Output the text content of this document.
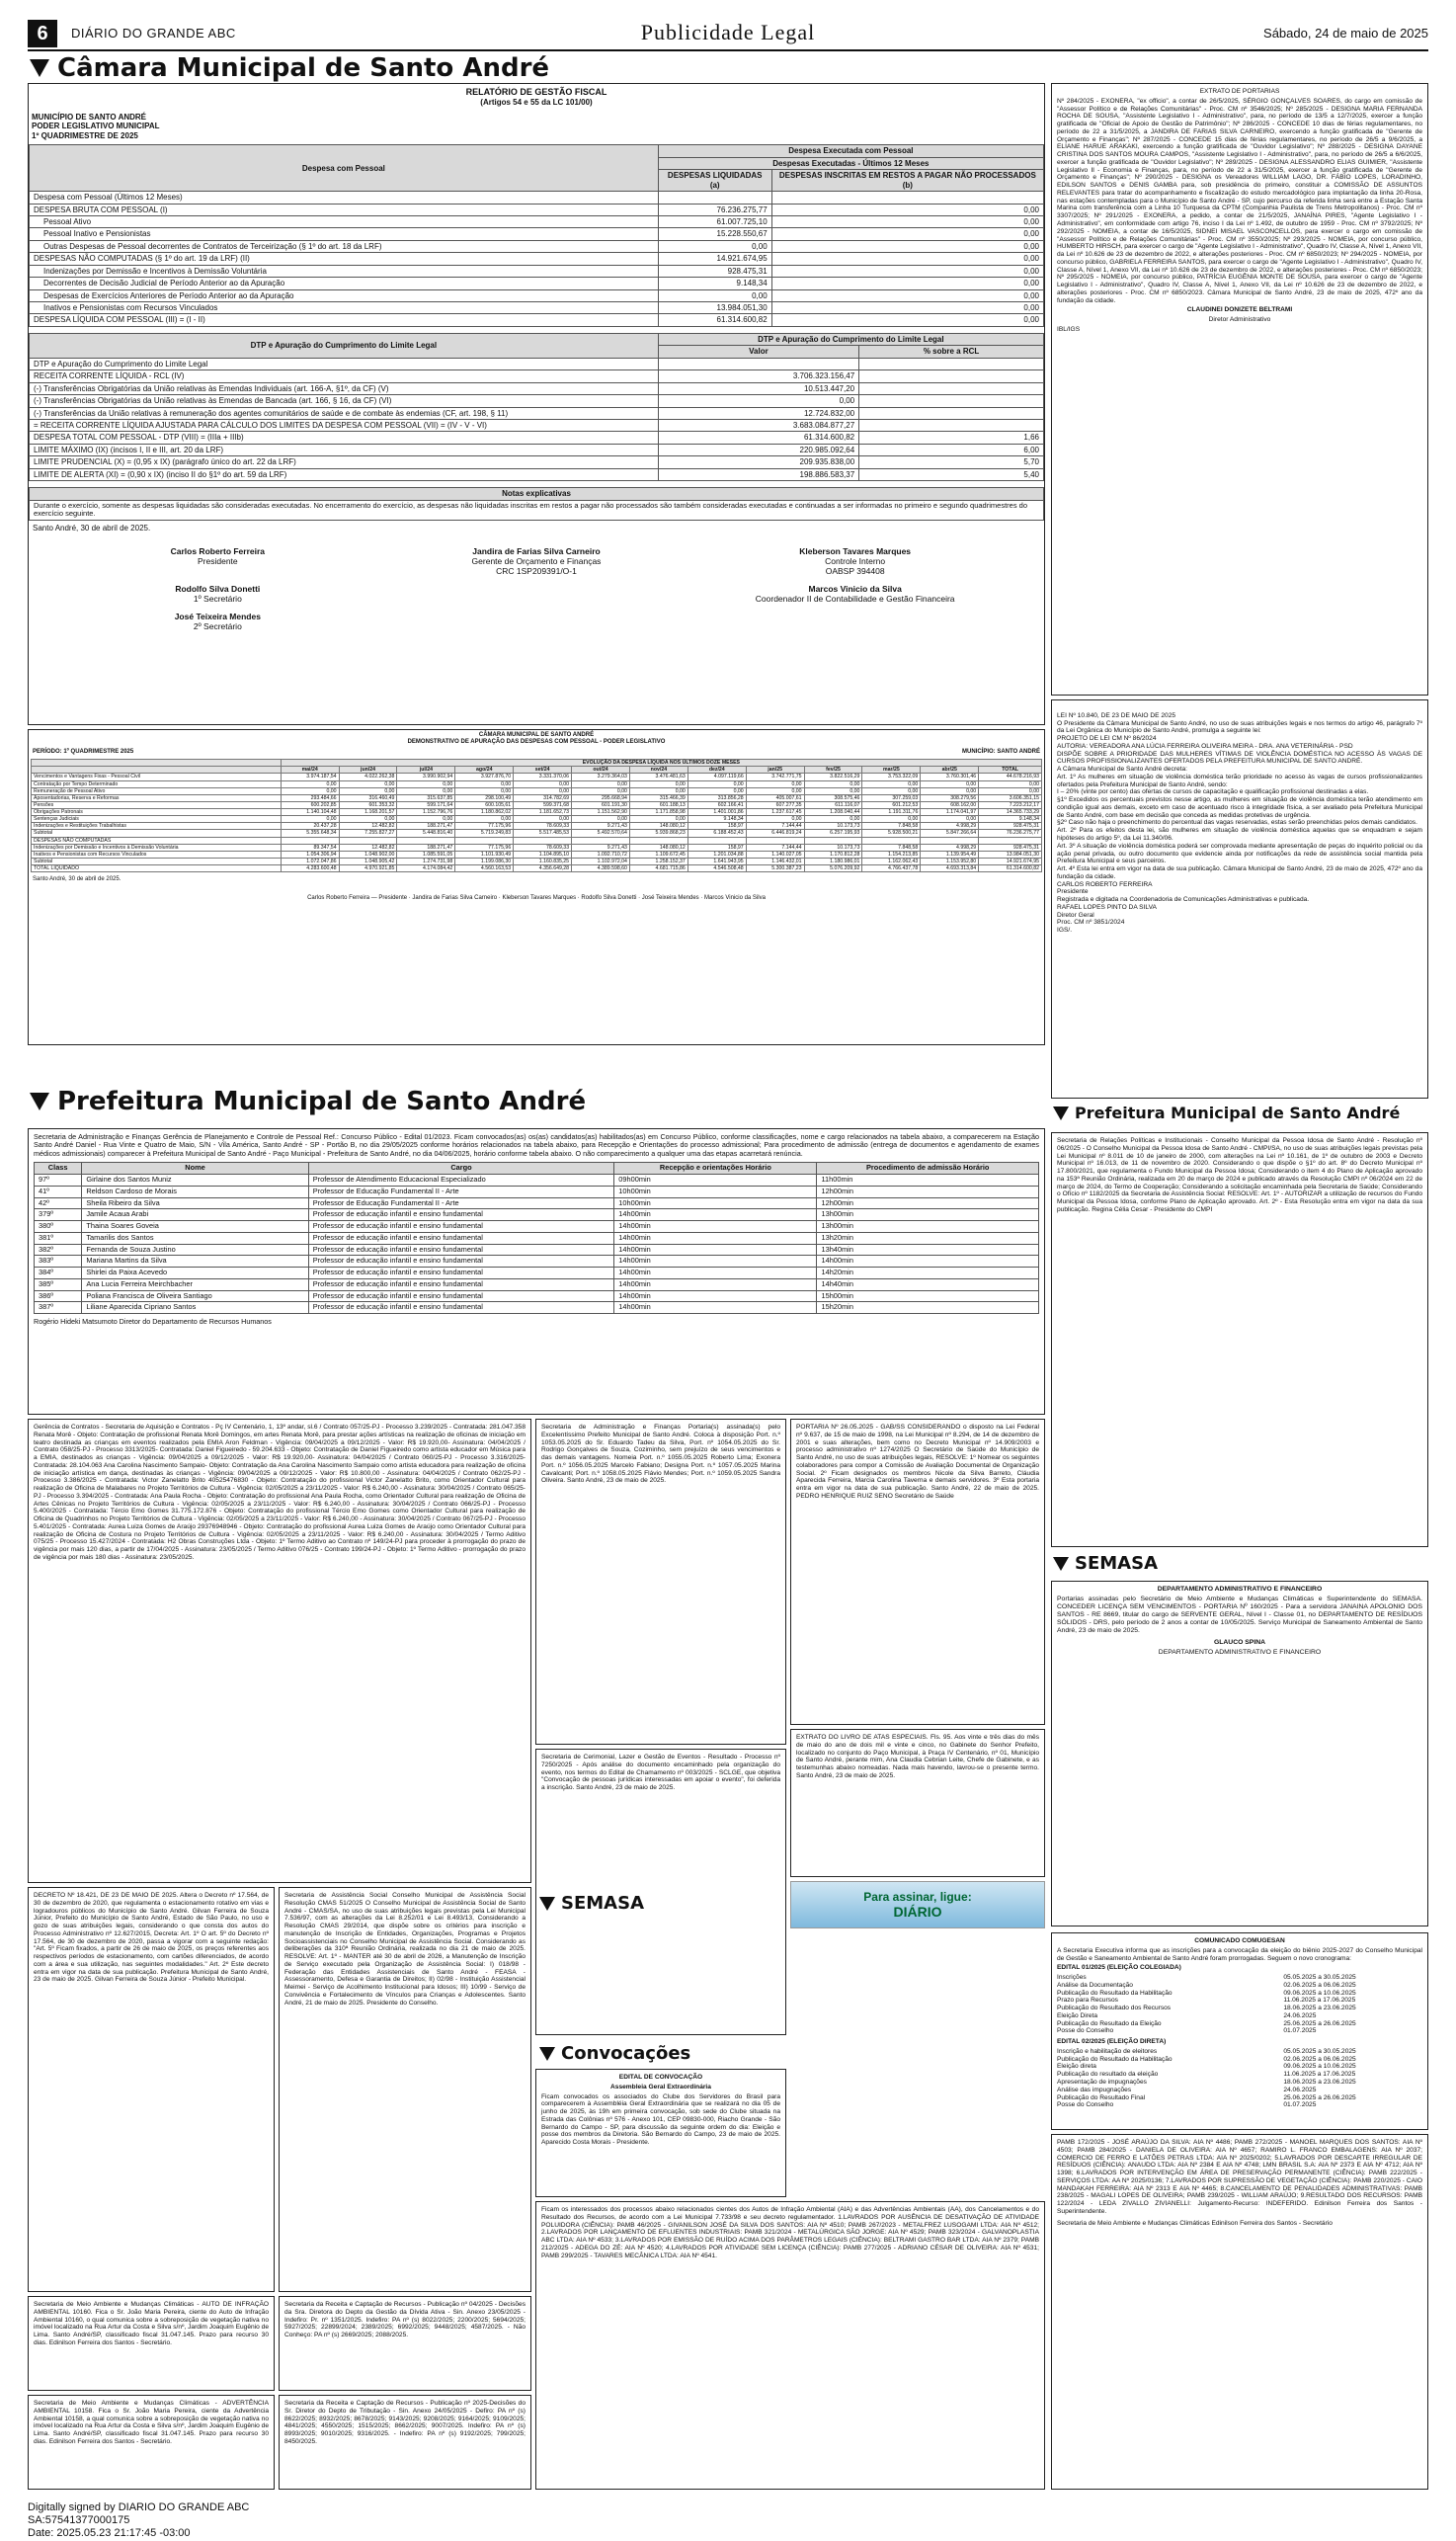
6	DIÁRIO DO GRANDE ABC	Publicidade Legal	Sábado, 24 de maio de 2025
Câmara Municipal de Santo André
RELATÓRIO DE GESTÃO FISCAL
(Artigos 54 e 55 da LC 101/00)
MUNICÍPIO DE SANTO ANDRÉ
PODER LEGISLATIVO MUNICIPAL
1º QUADRIMESTRE DE 2025
Despesa com Pessoal	Despesa Executada com Pessoal	
	Despesas Executadas - Últimos 12 Meses	
	DESPESAS LIQUIDADAS (a)	DESPESAS INSCRITAS EM RESTOS A PAGAR NÃO PROCESSADOS (b)
Despesa com Pessoal (Últimos 12 Meses)		
DESPESA BRUTA COM PESSOAL (I)	76.236.275,77	0,00
Pessoal Ativo	61.007.725,10	0,00
Pessoal Inativo e Pensionistas	15.228.550,67	0,00
Outras Despesas de Pessoal decorrentes de Contratos de Terceirização (§ 1º do art. 18 da LRF)	0,00	0,00
DESPESAS NÃO COMPUTADAS (§ 1º do art. 19 da LRF) (II)	14.921.674,95	0,00
Indenizações por Demissão e Incentivos à Demissão Voluntária	928.475,31	0,00
Decorrentes de Decisão Judicial de Período Anterior ao da Apuração	9.148,34	0,00
Despesas de Exercícios Anteriores de Período Anterior ao da Apuração	0,00	0,00
Inativos e Pensionistas com Recursos Vinculados	13.984.051,30	0,00
DESPESA LÍQUIDA COM PESSOAL (III) = (I - II)	61.314.600,82	0,00
DTP e Apuração do Cumprimento do Limite Legal	DTP e Apuração do Cumprimento do Limite Legal	
	Valor	% sobre a RCL
DTP e Apuração do Cumprimento do Limite Legal		
RECEITA CORRENTE LÍQUIDA - RCL (IV)	3.706.323.156,47	
(-) Transferências Obrigatórias da União relativas às Emendas Individuais (art. 166-A, §1º, da CF) (V)	10.513.447,20	
(-) Transferências Obrigatórias da União relativas às Emendas de Bancada (art. 166, § 16, da CF) (VI)	0,00	
(-) Transferências da União relativas à remuneração dos agentes comunitários de saúde e de combate às endemias (CF, art. 198, § 11)	12.724.832,00	
= RECEITA CORRENTE LÍQUIDA AJUSTADA PARA CÁLCULO DOS LIMITES DA DESPESA COM PESSOAL (VII) = (IV - V - VI)	3.683.084.877,27	
DESPESA TOTAL COM PESSOAL - DTP (VIII) = (IIIa + IIIb)	61.314.600,82	1,66
LIMITE MÁXIMO (IX) (incisos I, II e III, art. 20 da LRF)	220.985.092,64	6,00
LIMITE PRUDENCIAL (X) = (0,95 x IX) (parágrafo único do art. 22 da LRF)	209.935.838,00	5,70
LIMITE DE ALERTA (XI) = (0,90 x IX) (inciso II do §1º do art. 59 da LRF)	198.886.583,37	5,40
Notas explicativas
Durante o exercício, somente as despesas liquidadas são consideradas executadas. No encerramento do exercício, as despesas não liquidadas inscritas em restos a pagar não processados são também consideradas executadas e continuadas a ser informadas no primeiro e segundo quadrimestres do exercício seguinte.
Santo André, 30 de abril de 2025.
Carlos Roberto Ferreira
Presidente
Jandira de Farias Silva Carneiro
Gerente de Orçamento e Finanças
CRC 1SP209391/O-1
Kleberson Tavares Marques
Controle Interno
OABSP 394408
Rodolfo Silva Donetti
1º Secretário
Marcos Vinicio da Silva
Coordenador II de Contabilidade e Gestão Financeira
José Teixeira Mendes
2º Secretário
CÂMARA MUNICIPAL DE SANTO ANDRÉ
DEMONSTRATIVO DE APURAÇÃO DAS DESPESAS COM PESSOAL - PODER LEGISLATIVO
PERÍODO: 1º QUADRIMESTRE 2025	MUNICÍPIO: SANTO ANDRÉ
	EVOLUÇÃO DA DESPESA LÍQUIDA NOS ÚLTIMOS DOZE MESES												
	mai/24	jun/24	jul/24	ago/24	set/24	out/24	nov/24	dez/24	jan/25	fev/25	mar/25	abr/25	TOTAL
Vencimentos e Vantagens Fixas - Pessoal Civil	3.974.187,54	4.022.262,38	3.990.902,94	3.927.876,70	3.331.370,06	3.279.364,03	3.476.481,63	4.097.119,66	3.742.771,75	3.822.516,29	3.753.322,09	3.760.301,46	44.678.216,93
Contratação por Tempo Determinado	0,00	0,00	0,00	0,00	0,00	0,00	0,00	0,00	0,00	0,00	0,00	0,00	0,00
Remuneração de Pessoal Ativo	0,00	0,00	0,00	0,00	0,00	0,00	0,00	0,00	0,00	0,00	0,00	0,00	0,00
Aposentadorias, Reserva e Reformas	293.484,66	316.460,49	315.637,85	298.100,49	314.782,69	295.668,94	315.466,39	313.856,28	405.007,61	308.575,46	307.259,03	308.279,56	3.606.351,15
Pensões	600.202,85	601.353,32	599.171,64	600.105,61	599.371,68	601.191,30	601.188,13	602.166,41	607.277,35	611.116,07	601.212,53	608.162,00	7.223.212,17
Obrigações Patronais	1.140.104,48	1.168.201,57	1.152.796,76	1.180.862,02	1.181.652,73	1.151.562,90	1.171.858,98	1.401.001,86	1.237.617,45	1.208.040,44	1.191.311,76	1.174.041,97	14.365.733,29
Sentenças Judiciais	0,00	0,00	0,00	0,00	0,00	0,00	0,00	9.148,34	0,00	0,00	0,00	0,00	9.148,34
Indenizações e Restituições Trabalhistas	20.437,28	12.482,82	188.271,47	77.175,96	78.609,33	9.271,43	148.080,12	158,97	7.144,44	10.173,73	7.848,58	4.998,29	928.475,31
Subtotal	5.355.648,34	7.255.827,27	5.448.816,40	5.719.249,83	5.517.485,53	5.492.570,64	5.939.868,23	6.188.452,43	6.446.819,24	6.257.195,93	5.928.500,21	5.847.266,64	76.236.275,77
DESPESAS NÃO COMPUTADAS													
Indenizações por Demissão e Incentivos à Demissão Voluntária	89.347,54	12.482,82	188.271,47	77.175,96	78.609,33	9.271,43	148.080,12	158,97	7.144,44	10.173,73	7.848,58	4.998,29	928.475,31
Inativos e Pensionistas com Recursos Vinculados	1.054.306,94	1.048.902,00	1.085.591,05	1.101.930,49	1.104.895,10	1.092.710,72	1.109.672,45	1.201.034,88	1.140.027,05	1.170.812,28	1.154.213,85	1.139.954,49	13.984.051,30
Subtotal	1.072.047,86	1.048.905,42	1.274.731,98	1.199.086,30	1.160.835,25	1.102.972,04	1.258.152,37	1.641.943,95	1.146.432,01	1.180.986,01	1.162.062,43	1.153.952,80	14.921.674,95
TOTAL LIQUIDADO	4.283.600,48	4.970.921,85	4.174.084,42	4.560.163,53	4.356.649,28	4.389.598,60	4.681.715,86	4.546.508,48	5.300.387,23	5.076.209,92	4.766.437,78	4.693.313,84	61.314.600,82
Santo André, 30 de abril de 2025.
Carlos Roberto Ferreira — Presidente · Jandira de Farias Silva Carneiro · Kleberson Tavares Marques · Rodolfo Silva Donetti · José Teixeira Mendes · Marcos Vinicio da Silva

EXTRATO DE PORTARIAS

Nº 284/2025 - EXONERA, "ex officio", a contar de 26/5/2025, SÉRGIO GONÇALVES SOARES, do cargo em comissão de "Assessor Político e de Relações Comunitárias" - Proc. CM nº 3546/2025; Nº 285/2025 - DESIGNA MARIA FERNANDA ROCHA DE SOUSA, "Assistente Legislativo I - Administrativo", para, no período de 13/5 a 12/7/2025, exercer a função gratificada de "Oficial de Apoio de Gestão de Patrimônio"; Nº 286/2025 - CONCEDE 10 dias de férias regulamentares, no período de 22 a 31/5/2025, a JANDIRA DE FARIAS SILVA CARNEIRO, exercendo a função gratificada de "Gerente de Orçamento e Finanças"; Nº 287/2025 - CONCEDE 15 dias de férias regulamentares, no período de 26/5 a 9/6/2025, a ELIANE HARUE ARAKAKI, exercendo a função gratificada de "Ouvidor Legislativo"; Nº 288/2025 - DESIGNA DAYANE CRISTINA DOS SANTOS MOURA CAMPOS, "Assistente Legislativo I - Administrativo", para, no período de 26/5 a 6/6/2025, exercer a função gratificada de "Ouvidor Legislativo"; Nº 289/2025 - DESIGNA ALESSANDRO ELIAS GUIMIER, "Assistente Legislativo II - Economia e Finanças, para, no período de 22 a 31/5/2025, exercer a função gratificada de "Gerente de Orçamento e Finanças"; Nº 290/2025 - DESIGNA os Vereadores WILLIAM LAGO, DR. FÁBIO LOPES, LORADINHO, EDILSON SANTOS e DENIS GAMBA para, sob presidência do primeiro, constituir a COMISSÃO DE ASSUNTOS RELEVANTES para tratar do acompanhamento e fiscalização do estudo mercadológico para implantação da linha 20-Rosa, nas estações contempladas para o Município de Santo André - SP, cujo percurso da referida linha será entre a Estação Santa Marina com transferência com a Linha 10 Turquesa da CPTM (Companhia Paulista de Trens Metropolitanos) - Proc. CM nº 3307/2025; Nº 291/2025 - EXONERA, a pedido, a contar de 21/5/2025, JANAÍNA PIRES, "Agente Legislativo I - Administrativo", em conformidade com artigo 76, inciso I da Lei nº 1.492, de outubro de 1959 - Proc. CM nº 3792/2025; Nº 292/2025 - NOMEIA, a contar de 16/5/2025, SIDNEI MISAEL VASCONCELLOS, para exercer o cargo em comissão de "Assessor Político e de Relações Comunitárias" - Proc. CM nº 3550/2025; Nº 293/2025 - NOMEIA, por concurso público, HUMBERTO HIRSCH, para exercer o cargo de "Agente Legislativo I - Administrativo", Quadro IV, Classe A, Nível 1, Anexo VII, da Lei nº 10.626 de 23 de dezembro de 2022, e alterações posteriores - Proc. CM nº 6850/2023; Nº 294/2025 - NOMEIA, por concurso público, GABRIELA FERREIRA SANTOS, para exercer o cargo de "Agente Legislativo I - Administrativo", Quadro IV, Classe A, Nível 1, Anexo VII, da Lei nº 10.626 de 23 de dezembro de 2022, e alterações posteriores - Proc. CM nº 6850/2023; Nº 295/2025 - NOMEIA, por concurso público, PATRÍCIA EUGÊNIA MONTE DE SOUSA, para exercer o cargo de "Agente Legislativo I - Administrativo", Quadro IV, Classe A, Nível 1, Anexo VII, da Lei nº 10.626 de 23 de dezembro de 2022, e alterações posteriores - Proc. CM nº 6850/2023. Câmara Municipal de Santo André, 23 de maio de 2025, 472º ano da fundação da cidade.

CLAUDINEI DONIZETE BELTRAMI

Diretor Administrativo

IBL/IGS

LEI Nº 10.840, DE 23 DE MAIO DE 2025
O Presidente da Câmara Municipal de Santo André, no uso de suas atribuições legais e nos termos do artigo 46, parágrafo 7º da Lei Orgânica do Município de Santo André, promulga a seguinte lei:
PROJETO DE LEI CM Nº 86/2024
AUTORIA: VEREADORA ANA LÚCIA FERREIRA OLIVEIRA MEIRA - DRA. ANA VETERINÁRIA - PSD
DISPÕE SOBRE A PRIORIDADE DAS MULHERES VÍTIMAS DE VIOLÊNCIA DOMÉSTICA NO ACESSO ÀS VAGAS DE CURSOS PROFISSIONALIZANTES OFERTADOS PELA PREFEITURA MUNICIPAL DE SANTO ANDRÉ.
A Câmara Municipal de Santo André decreta:
Art. 1º As mulheres em situação de violência doméstica terão prioridade no acesso às vagas de cursos profissionalizantes ofertados pela Prefeitura Municipal de Santo André, sendo:
I – 20% (vinte por cento) das ofertas de cursos de capacitação e qualificação profissional destinadas a elas.
§1º Excedidos os percentuais previstos nesse artigo, as mulheres em situação de violência doméstica terão atendimento em condição igual aos demais, exceto em caso de acentuado risco à integridade física, a ser avaliado pela Prefeitura Municipal de Santo André, com base em decisão que conceda as medidas protetivas de urgência.
§2º Caso não haja o preenchimento do percentual das vagas reservadas, estas serão preenchidas pelos demais candidatos.
Art. 2º Para os efeitos desta lei, são mulheres em situação de violência doméstica aquelas que se enquadram e sejam hipóteses do artigo 5º, da Lei 11.340/06.
Art. 3º A situação de violência doméstica poderá ser comprovada mediante apresentação de peças do inquérito policial ou da ação penal privada, ou outro documento que evidencie ainda por notificações da rede de assistência social mantida pela Prefeitura Municipal e seus parceiros.
Art. 4º Esta lei entra em vigor na data de sua publicação. Câmara Municipal de Santo André, 23 de maio de 2025, 472º ano da fundação da cidade.
CARLOS ROBERTO FERREIRA
Presidente
Registrada e digitada na Coordenadoria de Comunicações Administrativas e publicada.
RAFAEL LOPES PINTO DA SILVA
Diretor Geral
Proc. CM nº 3851/2024
IGS/.

Prefeitura Municipal de Santo André

Secretaria de Administração e Finanças Gerência de Planejamento e Controle de Pessoal Ref.: Concurso Público - Edital 01/2023. Ficam convocados(as) os(as) candidatos(as) habilitados(as) em Concurso Público, conforme classificações, nome e cargo relacionados na tabela abaixo, a comparecerem na Estação Santo André Daniel - Rua Vinte e Quatro de Maio, S/N - Vila América, Santo André - SP - Portão B, no dia 29/05/2025 conforme horários relacionados na tabela abaixo, para Recepção e Orientações do processo admissional; Para procedimento de admissão (entrega de documentos e agendamento de exames médicos admissionais) comparecer à Prefeitura Municipal de Santo André - Paço Municipal - Prefeitura de Santo André, no dia 04/06/2025, horário conforme tabela abaixo. O não comparecimento a qualquer uma das etapas acarretará renúncia.

Class	Nome	Cargo	Recepção e orientações Horário	Procedimento de admissão Horário
97º	Girlaine dos Santos Muniz	Professor de Atendimento Educacional Especializado	09h00min	11h00min
41º	Reldson Cardoso de Morais	Professor de Educação Fundamental II - Arte	10h00min	12h00min
42º	Sheila Ribeiro da Silva	Professor de Educação Fundamental II - Arte	10h00min	12h00min
379º	Jamile Acaua Arabi	Professor de educação infantil e ensino fundamental	14h00min	13h00min
380º	Thaina Soares Goveia	Professor de educação infantil e ensino fundamental	14h00min	13h00min
381º	Tamarilis dos Santos	Professor de educação infantil e ensino fundamental	14h00min	13h20min
382º	Fernanda de Souza Justino	Professor de educação infantil e ensino fundamental	14h00min	13h40min
383º	Mariana Martins da Silva	Professor de educação infantil e ensino fundamental	14h00min	14h00min
384º	Shirlei da Paixa Acevedo	Professor de educação infantil e ensino fundamental	14h00min	14h20min
385º	Ana Lucia Ferreira Meirchbacher	Professor de educação infantil e ensino fundamental	14h00min	14h40min
386º	Poliana Francisca de Oliveira Santiago	Professor de educação infantil e ensino fundamental	14h00min	15h00min
387º	Liliane Aparecida Cipriano Santos	Professor de educação infantil e ensino fundamental	14h00min	15h20min

Rogério Hideki Matsumoto Diretor do Departamento de Recursos Humanos

Gerência de Contratos - Secretaria de Aquisição e Contratos - Pç IV Centenário, 1, 13º andar, sl.6 / Contrato 057/25-PJ - Processo 3.239/2025 - Contratada: 281.047.358 Renata Morê - Objeto: Contratação de profissional Renata Morê Domingos, em artes Renata Morê, para prestar ações artísticas na realização de oficinas de iniciação em teatro destinada as crianças em eventos realizados pela EMIA Aron Feldman - Vigência: 09/04/2025 a 09/12/2025 - Valor: R$ 19.920,00- Assinatura: 04/04/2025 / Contrato 058/25-PJ - Processo 3313/2025- Contratada: Daniel Figueiredo - 59.204.633 - Objeto: Contratação de Daniel Figueiredo como artista educador em Música para a EMIA, destinados as crianças - Vigência: 09/04/2025 a 09/12/2025 - Valor: R$ 19.920,00- Assinatura: 04/04/2025 / Contrato 060/25-PJ - Processo 3.316/2025- Contratada: 28.104.063 Ana Carolina Nascimento Sampaio- Objeto: Contratação da Ana Carolina Nascimento Sampaio como artista educadora para realização de oficina de iniciação artística em dança, destinadas às crianças - Vigência: 09/04/2025 a 09/12/2025 - Valor: R$ 10.800,00 - Assinatura: 04/04/2025 / Contrato 062/25-PJ - Processo 3.386/2025 - Contratada: Victor Zanelatto Brito 40525476830 - Objeto: Contratação do profissional Victor Zanelatto Brito, como Orientador Cultural para realização de Oficina de Malabares no Projeto Territórios de Cultura - Vigência: 02/05/2025 a 23/11/2025 - Valor: R$ 6.240,00 - Assinatura: 30/04/2025 / Contrato 065/25-PJ - Processo 3.394/2025 - Contratada: Ana Paula Rocha - Objeto: Contratação do profissional Ana Paula Rocha, como Orientador Cultural para realização de Oficina de Artes Cênicas no Projeto Territórios de Cultura - Vigência: 02/05/2025 a 23/11/2025 - Valor: R$ 6.240,00 - Assinatura: 30/04/2025 / Contrato 066/25-PJ - Processo 5.400/2025 - Contratada: Tércio Emo Gomes 31.775.172.876 - Objeto: Contratação do profissional Tércio Emo Gomes como Orientador Cultural para realização de Oficina de Quadrinhos no Projeto Territórios de Cultura - Vigência: 02/05/2025 a 23/11/2025 - Valor: R$ 6.240,00 - Assinatura: 30/04/2025 / Contrato 067/25-PJ - Processo 5.401/2025 - Contratada: Aurea Luiza Gomes de Araújo 29376948946 - Objeto: Contratação do profissional Aurea Luiza Gomes de Araújo como Orientador Cultural para realização de Oficina de Costura no Projeto Territórios de Cultura - Vigência: 02/05/2025 a 23/11/2025 - Valor: R$ 6.240,00 - Assinatura: 30/04/2025 / Termo Aditivo 075/25 - Processo 15.427/2024 - Contratada: H2 Obras Construções Ltda - Objeto: 1º Termo Aditivo ao Contrato nº 149/24-PJ para proceder à prorrogação do prazo de vigência por mais 120 dias, a partir de 17/04/2025 - Assinatura: 23/05/2025 / Termo Aditivo 076/25 - Contrato 199/24-PJ - Objeto: 1º Termo Aditivo - prorrogação do prazo de vigência por mais 180 dias - Assinatura: 23/05/2025.

DECRETO Nº 18.421, DE 23 DE MAIO DE 2025. Altera o Decreto nº 17.564, de 30 de dezembro de 2020, que regulamenta o estacionamento rotativo em vias e logradouros públicos do Município de Santo André. Gilvan Ferreira de Souza Júnior, Prefeito do Município de Santo André, Estado de São Paulo, no uso e gozo de suas atribuições legais, considerando o que consta dos autos do Processo Administrativo nº 12.627/2015, Decreta: Art. 1º O art. 5º do Decreto nº 17.564, de 30 de dezembro de 2020, passa a vigorar com a seguinte redação: "Art. 5º Ficam fixados, a partir de 26 de maio de 2025, os preços referentes aos respectivos períodos de estacionamento, com cartões diferenciados, de acordo com a área e sua utilização, nas seguintes modalidades." Art. 2º Este decreto entra em vigor na data de sua publicação. Prefeitura Municipal de Santo André, 23 de maio de 2025. Gilvan Ferreira de Souza Júnior - Prefeito Municipal.

Secretaria de Assistência Social Conselho Municipal de Assistência Social Resolução CMAS 51/2025 O Conselho Municipal de Assistência Social de Santo André - CMAS/SA, no uso de suas atribuições legais previstas pela Lei Municipal 7.536/97, com as alterações da Lei 8.252/01 e Lei 8.493/13, Considerando a Resolução CMAS 29/2014, que dispõe sobre os critérios para inscrição e manutenção de Inscrição de Entidades, Organizações, Programas e Projetos Socioassistenciais no Conselho Municipal de Assistência Social. Considerando as deliberações da 310ª Reunião Ordinária, realizada no dia 21 de maio de 2025. RESOLVE: Art. 1º - MANTER até 30 de abril de 2026, a Manutenção de Inscrição de Serviço executado pela Organização de Assistência Social: I) 018/98 - Federação das Entidades Assistenciais de Santo André - FEASA - Assessoramento, Defesa e Garantia de Direitos; II) 02/98 - Instituição Assistencial Meimei - Serviço de Acolhimento Institucional para Idosos; III) 10/99 - Serviço de Convivência e Fortalecimento de Vínculos para Crianças e Adolescentes. Santo André, 21 de maio de 2025. Presidente do Conselho.

Secretaria de Meio Ambiente e Mudanças Climáticas - AUTO DE INFRAÇÃO AMBIENTAL 10160. Fica o Sr. João Maria Pereira, ciente do Auto de Infração Ambiental 10160, o qual comunica sobre a sobreposição de vegetação nativa no imóvel localizado na Rua Artur da Costa e Silva s/nº, Jardim Joaquim Eugênio de Lima. Santo André/SP, classificado fiscal 31.047.145. Prazo para recurso 30 dias. Edinilson Ferreira dos Santos - Secretário.

Secretaria de Meio Ambiente e Mudanças Climáticas - ADVERTÊNCIA AMBIENTAL 10158. Fica o Sr. João Maria Pereira, ciente da Advertência Ambiental 10158, a qual comunica sobre a sobreposição de vegetação nativa no imóvel localizado na Rua Artur da Costa e Silva s/nº, Jardim Joaquim Eugênio de Lima. Santo André/SP, classificado fiscal 31.047.145. Prazo para recurso 30 dias. Edinilson Ferreira dos Santos - Secretário.

Secretaria da Receita e Captação de Recursos - Publicação nº 04/2025 - Decisões da Sra. Diretora do Depto da Gestão da Dívida Ativa - Sin. Anexo 23/05/2025 - Indefiro: Pr. nº 1351/2025. Indefiro: PA nº (s) 8022/2025; 2200/2025; 5694/2025; 5927/2025; 22899/2024; 2389/2025; 6992/2025; 9448/2025; 4587/2025. - Não Conheço: PA nº (s) 2669/2025; 2088/2025.

Secretaria da Receita e Captação de Recursos - Publicação nº 2025-Decisões do Sr. Diretor do Depto de Tributação - Sin. Anexo 24/05/2025 - Defiro: PA nº (s) 8622/2025; 8932/2025; 8678/2025; 9143/2025; 9208/2025; 9164/2025; 9109/2025; 4841/2025; 4550/2025; 1515/2025; 8662/2025; 9007/2025. Indefiro: PA nº (s) 8993/2025; 9010/2025; 9316/2025. - Indefiro: PA nº (s) 9192/2025; 799/2025; 8450/2025.

Secretaria de Administração e Finanças Portaria(s) assinada(s) pelo Excelentíssimo Prefeito Municipal de Santo André. Coloca à disposição Port. n.º 1053.05.2025 do Sr. Eduardo Tadeu da Silva, Port. nº 1054.05.2025 do Sr. Rodrigo Gonçalves de Souza, Coziminho, sem prejuízo de seus vencimentos e das demais vantagens. Nomeia Port. n.º 1055.05.2025 Roberto Lima; Exonera Port. n.º 1056.05.2025 Marcelo Fabiano; Designa Port. n.º 1057.05.2025 Marina Cavalcanti; Port. n.º 1058.05.2025 Flávio Mendes; Port. n.º 1059.05.2025 Sandra Oliveira. Santo André, 23 de maio de 2025.

Secretaria de Cerimonial, Lazer e Gestão de Eventos - Resultado - Processo nº 7250/2025 - Após análise do documento encaminhado pela organização do evento, nos termos do Edital de Chamamento nº 003/2025 - SCLGE, que objetiva "Convocação de pessoas jurídicas interessadas em apoiar o evento", foi deferida a inscrição. Santo André, 23 de maio de 2025.

Convocações

EDITAL DE CONVOCAÇÃO

Assembleia Geral Extraordinária

Ficam convocados os associados do Clube dos Servidores do Brasil para comparecerem à Assembléia Geral Extraordinária que se realizará no dia 05 de junho de 2025, às 19h em primeira convocação, sob sede do Clube situada na Estrada das Colônias nº 576 - Anexo 101, CEP 09830-000, Riacho Grande - São Bernardo do Campo - SP, para discussão da seguinte ordem do dia: Eleição e posse dos membros da Diretoria. São Bernardo do Campo, 23 de maio de 2025. Aparecido Costa Morais - Presidente.

PORTARIA Nº 26.05.2025 - GAB/SS CONSIDERANDO o disposto na Lei Federal nº 9.637, de 15 de maio de 1998, na Lei Municipal nº 8.294, de 14 de dezembro de 2001 e suas alterações, bem como no Decreto Municipal nº 14.909/2003 e processo administrativo nº 1274/2025 O Secretário de Saúde do Município de Santo André, no uso de suas atribuições legais, RESOLVE: 1º Nomear os seguintes colaboradores para compor a Comissão de Avaliação Documental de Organização Social. 2º Ficam designados os membros Nicole da Silva Barreto, Cláudia Aparecida Ferreira, Marcia Carolina Taverna e demais servidores. 3º Esta portaria entra em vigor na data de sua publicação. Santo André, 22 de maio de 2025. PEDRO HENRIQUE RUIZ SENO Secretário de Saúde

EXTRATO DO LIVRO DE ATAS ESPECIAIS. Fls. 95. Aos vinte e três dias do mês de maio do ano de dois mil e vinte e cinco, no Gabinete do Senhor Prefeito, localizado no conjunto do Paço Municipal, à Praça IV Centenário, nº 01, Município de Santo André, perante mim, Ana Claudia Cebrian Leite, Chefe de Gabinete, e as testemunhas abaixo nomeadas. Nada mais havendo, lavrou-se o presente termo. Santo André, 23 de maio de 2025.

Para assinar, ligue:
DIÁRIO
SEMASA

COMUNICADO COMUGESAN

A Secretaria Executiva informa que as inscrições para a convocação da eleição do biênio 2025-2027 do Conselho Municipal de Gestão e Saneamento Ambiental de Santo André foram prorrogadas. Seguem o novo cronograma:

EDITAL 01/2025 (ELEIÇÃO COLEGIADA)

Inscrições	05.05.2025 a 30.05.2025
Análise da Documentação	02.06.2025 a 06.06.2025
Publicação do Resultado da Habilitação	09.06.2025 a 10.06.2025
Prazo para Recursos	11.06.2025 a 17.06.2025
Publicação do Resultado dos Recursos	18.06.2025 a 23.06.2025
Eleição Direta	24.06.2025
Publicação do Resultado da Eleição	25.06.2025 a 26.06.2025
Posse do Conselho	01.07.2025

EDITAL 02/2025 (ELEIÇÃO DIRETA)

Inscrição e habilitação de eleitores	05.05.2025 a 30.05.2025
Publicação do Resultado da Habilitação	02.06.2025 a 06.06.2025
Eleição direta	09.06.2025 a 10.06.2025
Publicação do resultado da eleição	11.06.2025 a 17.06.2025
Apresentação de impugnações	18.06.2025 a 23.06.2025
Análise das impugnações	24.06.2025
Publicação do Resultado Final	25.06.2025 a 26.06.2025
Posse do Conselho	01.07.2025

Ficam os interessados dos processos abaixo relacionados cientes dos Autos de Infração Ambiental (AIA) e das Advertências Ambientais (AA), dos Cancelamentos e do Resultado dos Recursos, de acordo com a Lei Municipal 7.733/98 e seu decreto regulamentador. 1.LAVRADOS POR AUSÊNCIA DE DESATIVAÇÃO DE ATIVIDADE POLUIDORA (CIÊNCIA): PAMB 46/2025 - GIVANILSON JOSÉ DA SILVA DOS SANTOS: AIA Nº 4510; PAMB 267/2023 - METALFREZ LUSOGAMI LTDA: AIA Nº 4512; 2.LAVRADOS POR LANÇAMENTO DE EFLUENTES INDUSTRIAIS: PAMB 321/2024 - METALÚRGICA SÃO JORGE: AIA Nº 4529; PAMB 323/2024 - GALVANOPLASTIA ABC LTDA: AIA Nº 4533; 3.LAVRADOS POR EMISSÃO DE RUÍDO ACIMA DOS PARÂMETROS LEGAIS (CIÊNCIA): BELTRAMI GASTRO BAR LTDA: AIA Nº 2379; PAMB 212/2025 - ADEGA DO ZÉ: AIA Nº 4520; 4.LAVRADOS POR ATIVIDADE SEM LICENÇA (CIÊNCIA): PAMB 277/2025 - ADRIANO CÉSAR DE OLIVEIRA: AIA Nº 4531; PAMB 299/2025 - TAVARES MECÂNICA LTDA: AIA Nº 4541.

PAMB 172/2025 - JOSÉ ARAÚJO DA SILVA: AIA Nº 4486; PAMB 272/2025 - MANOEL MARQUES DOS SANTOS: AIA Nº 4503; PAMB 284/2025 - DANIELA DE OLIVEIRA: AIA Nº 4657; RAMIRO L. FRANCO EMBALAGENS: AIA Nº 2037; COMERCIO DE FERRO E LATÕES PETRAS LTDA: AIA Nº 2025/0202; 5.LAVRADOS POR DESCARTE IRREGULAR DE RESÍDUOS (CIÊNCIA): ANAUDO LTDA: AIA Nº 2384 E AIA Nº 4748; LMN BRASIL S.A: AIA Nº 2373 E AIA Nº 4712; AIA Nº 1398; 6.LAVRADOS POR INTERVENÇÃO EM ÁREA DE PRESERVAÇÃO PERMANENTE (CIÊNCIA): PAMB 222/2025 - SERVIÇOS LTDA: AA Nº 2025/0136; 7.LAVRADOS POR SUPRESSÃO DE VEGETAÇÃO (CIÊNCIA): PAMB 220/2025 - CAIO MANDAKAH FERREIRA: AIA Nº 2313 E AIA Nº 4465; 8.CANCELAMENTO DE PENALIDADES ADMINISTRATIVAS: PAMB 238/2025 - MAGALI LOPES DE OLIVEIRA; PAMB 239/2025 - WILLIAM ARAÚJO; 9.RESULTADO DOS RECURSOS: PAMB 122/2024 - LEDA ZIVALLO ZIVIANELLI: Julgamento-Recurso: INDEFERIDO. Edinilson Ferreira dos Santos - Superintendente.

Secretaria de Meio Ambiente e Mudanças Climáticas Edinilson Ferreira dos Santos - Secretário

Prefeitura Municipal de Santo André

Secretaria de Relações Políticas e Institucionais - Conselho Municipal da Pessoa Idosa de Santo André - Resolução nº 06/2025 - O Conselho Municipal da Pessoa Idosa de Santo André - CMPI/SA, no uso de suas atribuições legais previstas pela Lei Municipal nº 8.011 de 10 de janeiro de 2000, com alterações na Lei nº 10.161, de 1º de outubro de 2003 e Decreto Municipal nº 16.013, de 11 de novembro de 2020. Considerando o que dispõe o §1º do art. 8º do Decreto Municipal nº 17.800/2021, que regulamenta o Fundo Municipal da Pessoa Idosa; Considerando o item 4 do Plano de Aplicação aprovado na 153ª Reunião Ordinária, realizada em 20 de março de 2024 e publicado através da Resolução CMPI nº 06/2024 em 22 de março de 2024, do Termo de Cooperação; Considerando a solicitação encaminhada pela Secretaria de Saúde; Considerando o Ofício nº 1182/2025 da Secretaria de Assistência Social: RESOLVE: Art. 1º - AUTORIZAR a utilização de recursos do Fundo Municipal da Pessoa Idosa, conforme Plano de Aplicação aprovado. Art. 2º - Esta Resolução entra em vigor na data da sua publicação. Regina Célia Cesar - Presidente do CMPI

SEMASA

DEPARTAMENTO ADMINISTRATIVO E FINANCEIRO

Portarias assinadas pelo Secretário de Meio Ambiente e Mudanças Climáticas e Superintendente do SEMASA. CONCEDER LICENÇA SEM VENCIMENTOS - PORTARIA Nº 160/2025 - Para a servidora JANAINA APOLONIO DOS SANTOS - RE 8669, titular do cargo de SERVENTE GERAL, Nível I - Classe 01, no DEPARTAMENTO DE RESÍDUOS SÓLIDOS - DRS, pelo período de 2 anos a contar de 10/05/2025. Serviço Municipal de Saneamento Ambiental de Santo André, 23 de maio de 2025.

GLAUCO SPINA

DEPARTAMENTO ADMINISTRATIVO E FINANCEIRO

Digitally signed by DIARIO DO GRANDE ABC
SA:57541377000175
Date: 2025.05.23 21:17:45 -03:00
